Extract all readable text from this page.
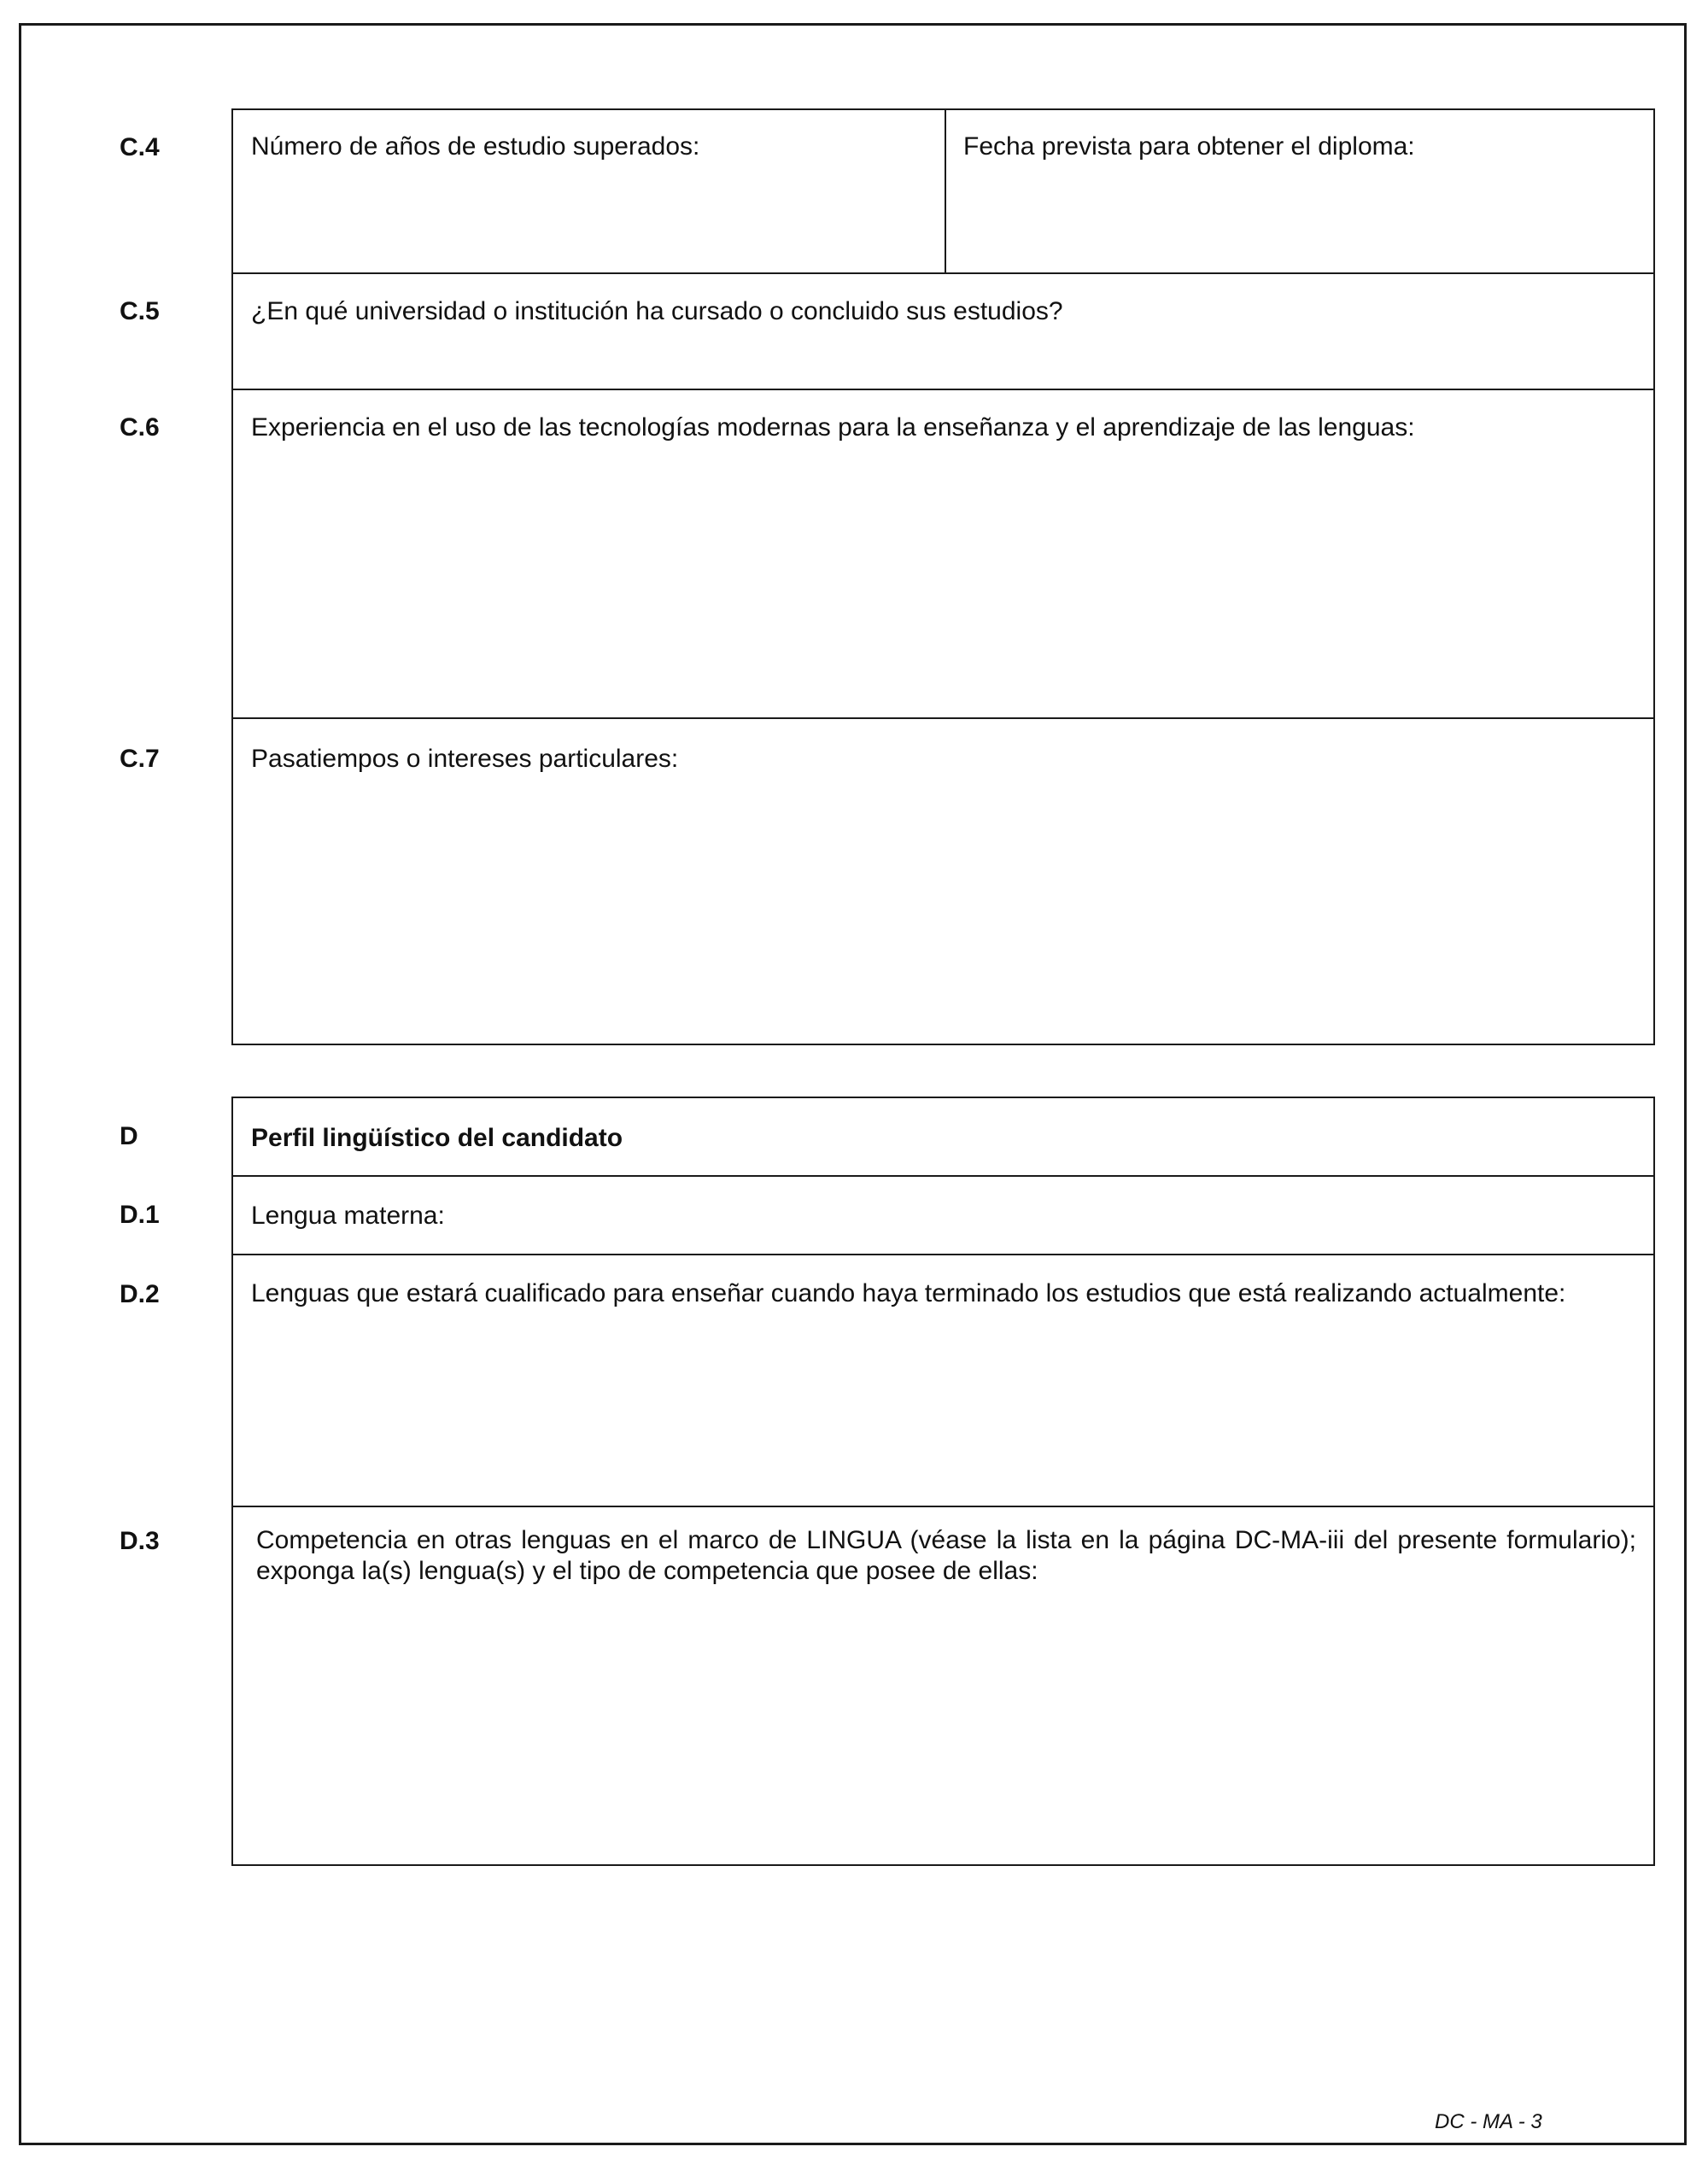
C.4
C.5
C.6
C.7
D
D.1
D.2
D.3
Número de años de estudio superados:	Fecha prevista para obtener el diploma:
¿En qué universidad o institución ha cursado o concluido sus estudios?
Experiencia en el uso de las tecnologías modernas para la enseñanza y el aprendizaje de las lenguas:
Pasatiempos o intereses particulares:
Perfil lingüístico del candidato
Lengua materna:
Lenguas que estará cualificado para enseñar cuando haya terminado los estudios que está realizando actualmente:
Competencia en otras lenguas en el marco de LINGUA (véase la lista en la página DC-MA-iii del presente formulario); exponga la(s) lengua(s) y el tipo de competencia que posee de ellas:
DC - MA - 3
